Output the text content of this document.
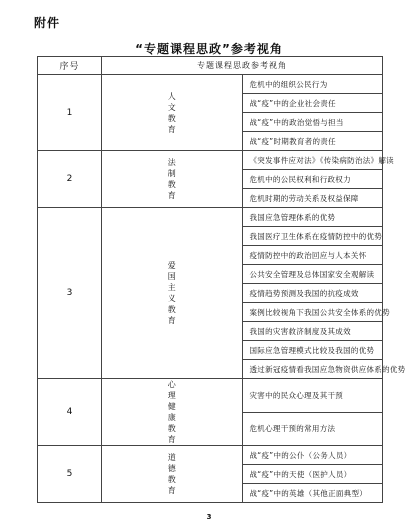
附件
“专题课程思政”参考视角
序号	专题课程思政参考视角	
1	人文教育	危机中的组织公民行为
		战“疫”中的企业社会责任
		战“疫”中的政治觉悟与担当
		战“疫”时期教育者的责任
2	法制教育	《突发事件应对法》《传染病防治法》解读
		危机中的公民权利和行政权力
		危机时期的劳动关系及权益保障
3	爱国主义教育	我国应急管理体系的优势
		我国医疗卫生体系在疫情防控中的优势
		疫情防控中的政治回应与人本关怀
		公共安全管理及总体国家安全观解读
		疫情趋势预测及我国的抗疫成效
		案例比较视角下我国公共安全体系的优势
		我国的灾害救济制度及其成效
		国际应急管理模式比较及我国的优势
		透过新冠疫情看我国应急物资供应体系的优势
4	心理健康教育	灾害中的民众心理及其干预
		危机心理干预的常用方法
5	道德教育	战“疫”中的公仆（公务人员）
		战“疫”中的天使（医护人员）
		战“疫”中的英雄（其他正面典型）
3
